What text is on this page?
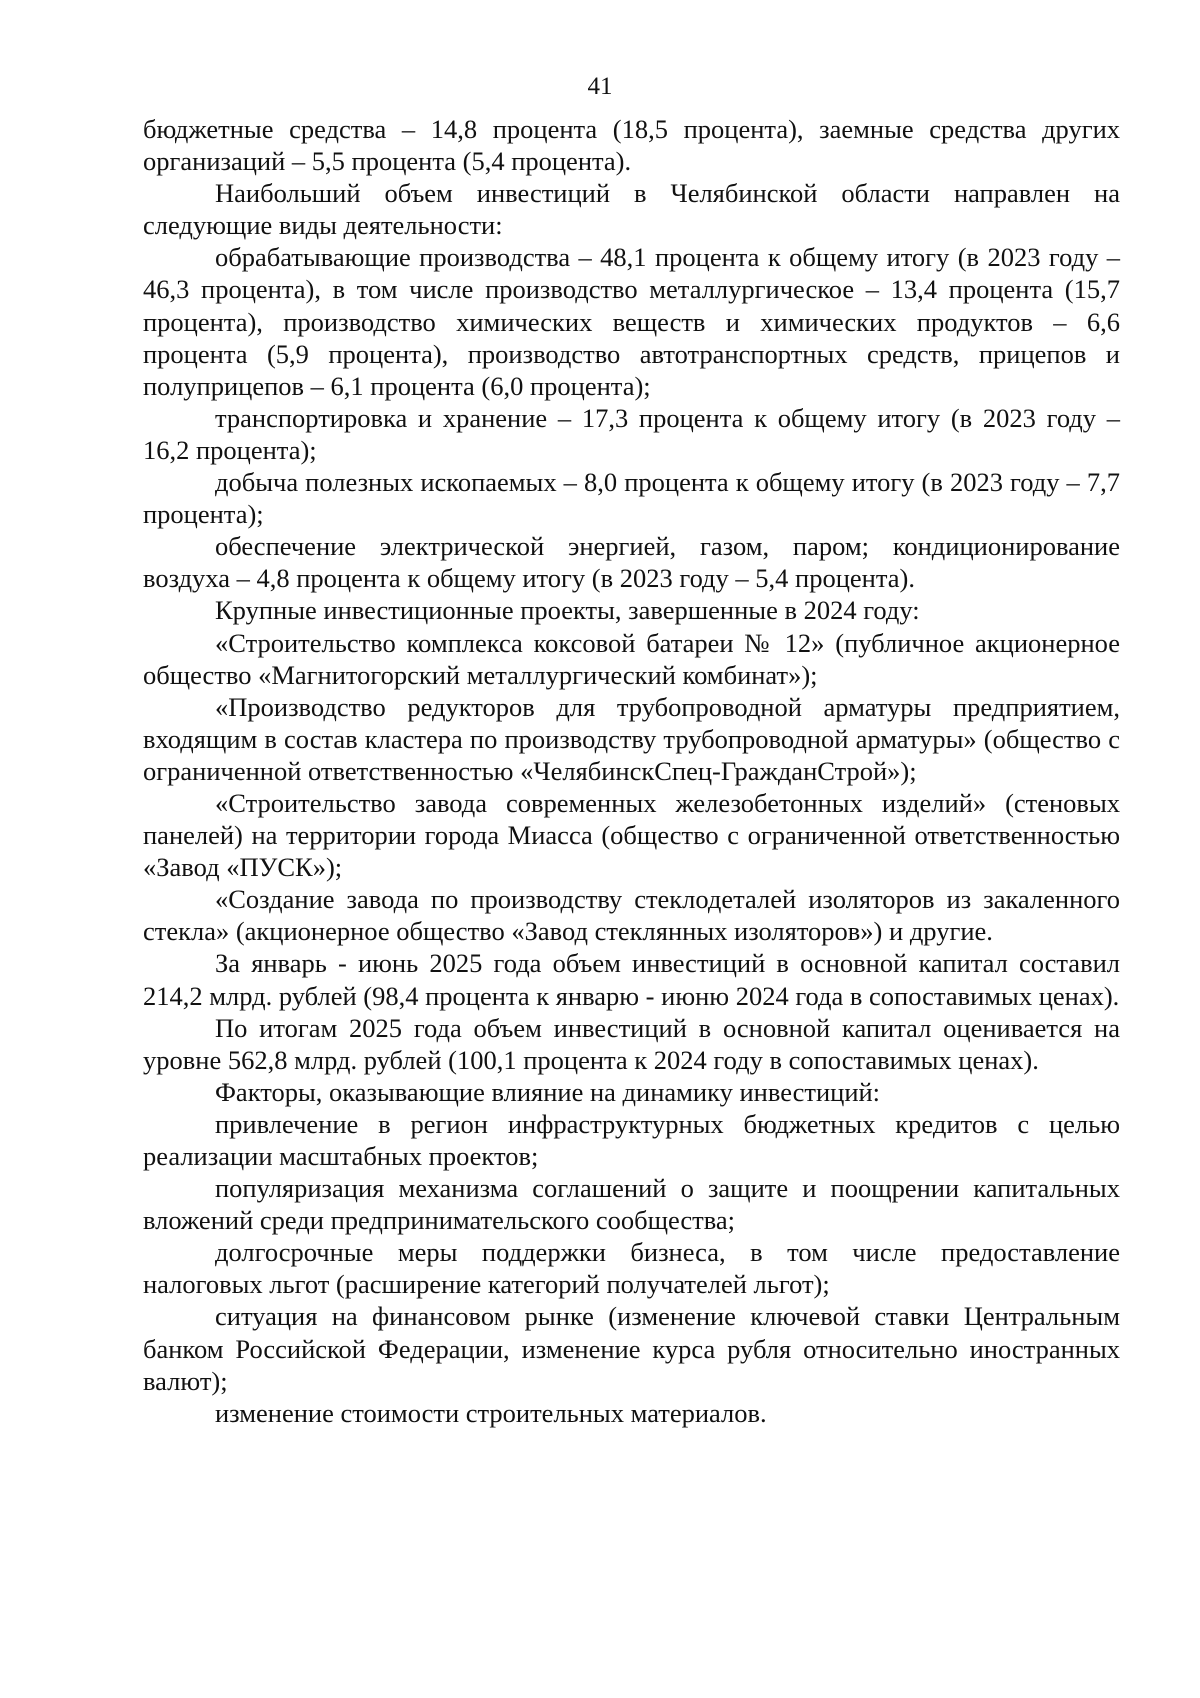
41

бюджетные средства – 14,8 процента (18,5 процента), заемные средства других организаций – 5,5 процента (5,4 процента).

Наибольший объем инвестиций в Челябинской области направлен на следующие виды деятельности:

обрабатывающие производства – 48,1 процента к общему итогу (в 2023 году – 46,3 процента), в том числе производство металлургическое – 13,4 процента (15,7 процента), производство химических веществ и химических продуктов – 6,6 процента (5,9 процента), производство автотранспортных средств, прицепов и полуприцепов – 6,1 процента (6,0 процента);

транспортировка и хранение – 17,3 процента к общему итогу (в 2023 году – 16,2 процента);

добыча полезных ископаемых – 8,0 процента к общему итогу (в 2023 году – 7,7 процента);

обеспечение электрической энергией, газом, паром; кондиционирование воздуха – 4,8 процента к общему итогу (в 2023 году – 5,4 процента).

Крупные инвестиционные проекты, завершенные в 2024 году:

«Строительство комплекса коксовой батареи № 12» (публичное акционерное общество «Магнитогорский металлургический комбинат»);

«Производство редукторов для трубопроводной арматуры предприятием, входящим в состав кластера по производству трубопроводной арматуры» (общество с ограниченной ответственностью «ЧелябинскСпец-ГражданСтрой»);

«Строительство завода современных железобетонных изделий» (стеновых панелей) на территории города Миасса (общество с ограниченной ответственностью «Завод «ПУСК»);

«Создание завода по производству стеклодеталей изоляторов из закаленного стекла» (акционерное общество «Завод стеклянных изоляторов») и другие.

За январь - июнь 2025 года объем инвестиций в основной капитал составил 214,2 млрд. рублей (98,4 процента к январю - июню 2024 года в сопоставимых ценах).

По итогам 2025 года объем инвестиций в основной капитал оценивается на уровне 562,8 млрд. рублей (100,1 процента к 2024 году в сопоставимых ценах).

Факторы, оказывающие влияние на динамику инвестиций:

привлечение в регион инфраструктурных бюджетных кредитов с целью реализации масштабных проектов;

популяризация механизма соглашений о защите и поощрении капитальных вложений среди предпринимательского сообщества;

долгосрочные меры поддержки бизнеса, в том числе предоставление налоговых льгот (расширение категорий получателей льгот);

ситуация на финансовом рынке (изменение ключевой ставки Центральным банком Российской Федерации, изменение курса рубля относительно иностранных валют);

изменение стоимости строительных материалов.
